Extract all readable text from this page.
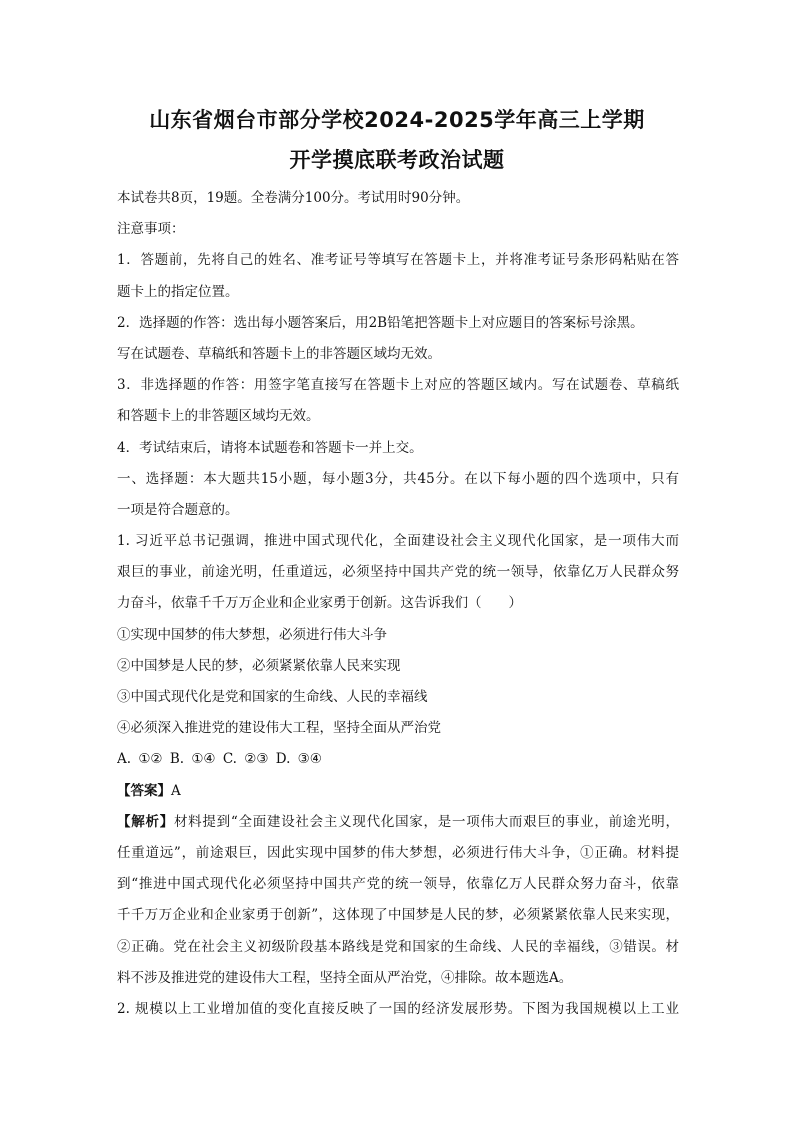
山东省烟台市部分学校2024-2025学年高三上学期
开学摸底联考政治试题
本试卷共8页，19题。全卷满分100分。考试用时90分钟。
注意事项：
1．答题前，先将自己的姓名、准考证号等填写在答题卡上，并将准考证号条形码粘贴在答
题卡上的指定位置。
2．选择题的作答：选出每小题答案后，用2B铅笔把答题卡上对应题目的答案标号涂黑。
写在试题卷、草稿纸和答题卡上的非答题区域均无效。
3．非选择题的作答：用签字笔直接写在答题卡上对应的答题区域内。写在试题卷、草稿纸
和答题卡上的非答题区域均无效。
4．考试结束后，请将本试题卷和答题卡一并上交。
一、选择题：本大题共15小题，每小题3分，共45分。在以下每小题的四个选项中，只有
一项是符合题意的。
1. 习近平总书记强调，推进中国式现代化，全面建设社会主义现代化国家，是一项伟大而
艰巨的事业，前途光明，任重道远，必须坚持中国共产党的统一领导，依靠亿万人民群众努
力奋斗，依靠千千万万企业和企业家勇于创新。这告诉我们（　　）
①实现中国梦的伟大梦想，必须进行伟大斗争
②中国梦是人民的梦，必须紧紧依靠人民来实现
③中国式现代化是党和国家的生命线、人民的幸福线
④必须深入推进党的建设伟大工程，坚持全面从严治党
A. ①② B. ①④ C. ②③ D. ③④
【答案】A
【解析】材料提到“全面建设社会主义现代化国家，是一项伟大而艰巨的事业，前途光明，
任重道远”，前途艰巨，因此实现中国梦的伟大梦想，必须进行伟大斗争，①正确。材料提
到“推进中国式现代化必须坚持中国共产党的统一领导，依靠亿万人民群众努力奋斗，依靠
千千万万企业和企业家勇于创新”，这体现了中国梦是人民的梦，必须紧紧依靠人民来实现，
②正确。党在社会主义初级阶段基本路线是党和国家的生命线、人民的幸福线，③错误。材
料不涉及推进党的建设伟大工程，坚持全面从严治党，④排除。故本题选A。
2. 规模以上工业增加值的变化直接反映了一国的经济发展形势。下图为我国规模以上工业
